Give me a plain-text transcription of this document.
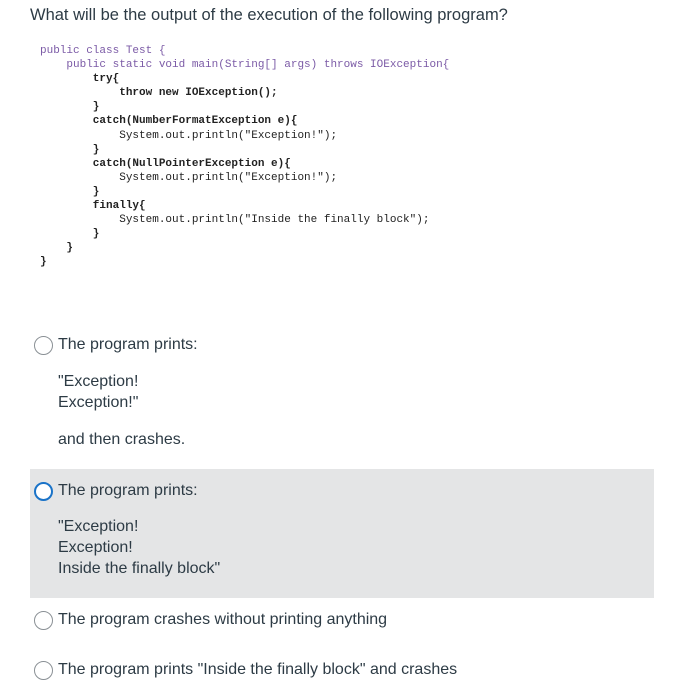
What will be the output of the execution of the following program?
public class Test {
public static void main(String[] args) throws IOException{
try{
throw new IOException();
}
catch(NumberFormatException e){
System.out.println("Exception!");
}
catch(NullPointerException e){
System.out.println("Exception!");
}
finally{
System.out.println("Inside the finally block");
}
}
}
The program prints:
"Exception!
Exception!"
and then crashes.
The program prints:
"Exception!
Exception!
Inside the finally block"
The program crashes without printing anything
The program prints "Inside the finally block" and crashes
